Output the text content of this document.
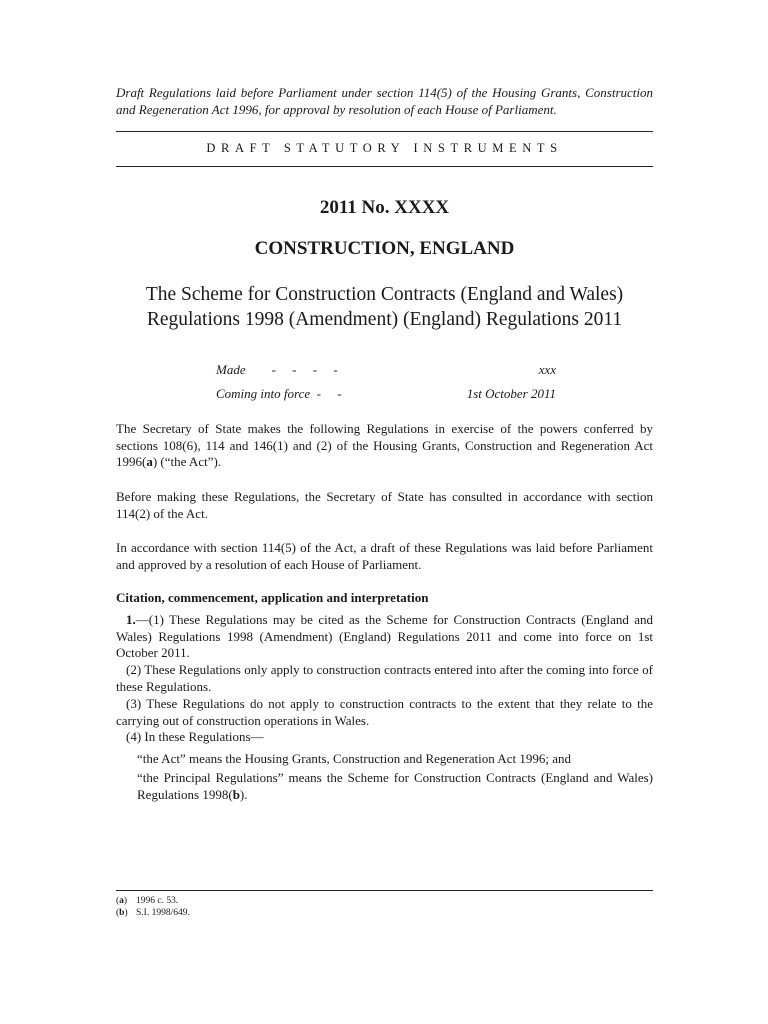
Draft Regulations laid before Parliament under section 114(5) of the Housing Grants, Construction and Regeneration Act 1996, for approval by resolution of each House of Parliament.
DRAFT STATUTORY INSTRUMENTS
2011 No. XXXX
CONSTRUCTION, ENGLAND
The Scheme for Construction Contracts (England and Wales) Regulations 1998 (Amendment) (England) Regulations 2011
Made        -     -     -     -	xxx
Coming into force  -     -	1st October 2011
The Secretary of State makes the following Regulations in exercise of the powers conferred by sections 108(6), 114 and 146(1) and (2) of the Housing Grants, Construction and Regeneration Act 1996(a) (“the Act”).
Before making these Regulations, the Secretary of State has consulted in accordance with section 114(2) of the Act.
In accordance with section 114(5) of the Act, a draft of these Regulations was laid before Parliament and approved by a resolution of each House of Parliament.
Citation, commencement, application and interpretation
1.—(1) These Regulations may be cited as the Scheme for Construction Contracts (England and Wales) Regulations 1998 (Amendment) (England) Regulations 2011 and come into force on 1st October 2011.
(2) These Regulations only apply to construction contracts entered into after the coming into force of these Regulations.
(3) These Regulations do not apply to construction contracts to the extent that they relate to the carrying out of construction operations in Wales.
(4) In these Regulations—
“the Act” means the Housing Grants, Construction and Regeneration Act 1996; and
“the Principal Regulations” means the Scheme for Construction Contracts (England and Wales) Regulations 1998(b).
(a) 1996 c. 53.
(b) S.I. 1998/649.
